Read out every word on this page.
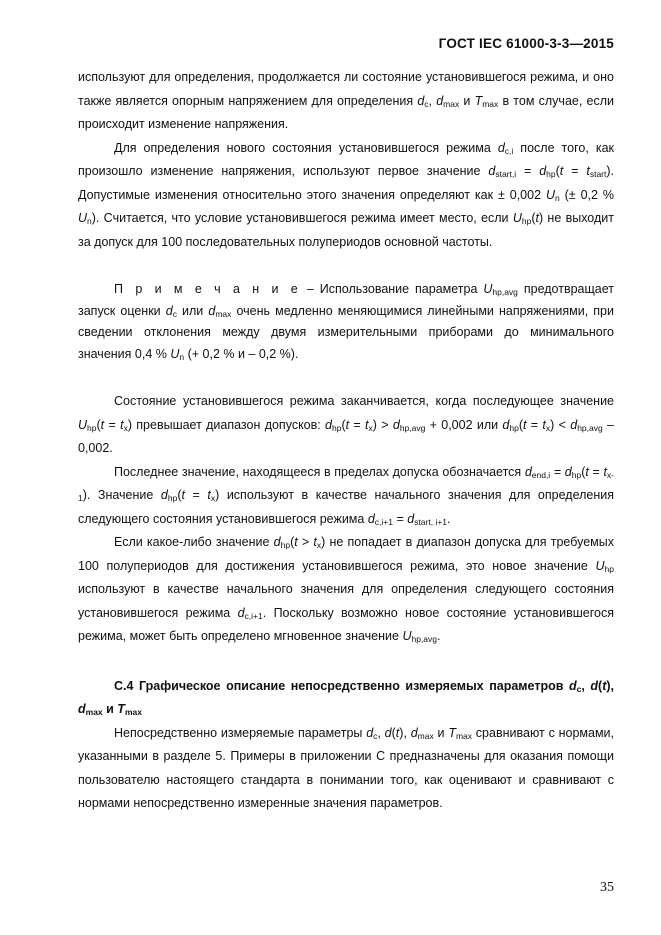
ГОСТ IEC 61000-3-3—2015

используют для определения, продолжается ли состояние установившегося режима, и оно также является опорным напряжением для определения $d_c$, $d_{max}$ и $T_{max}$ в том случае, если происходит изменение напряжения.

Для определения нового состояния установившегося режима $d_{c,i}$ после того, как произошло изменение напряжения, используют первое значение $d_{start,i} = d_{hp}(t = t_{start})$. Допустимые изменения относительно этого значения определяют как ± 0,002 $U_n$ (± 0,2 % $U_n$). Считается, что условие установившегося режима имеет место, если $U_{hp}(t)$ не выходит за допуск для 100 последовательных полупериодов основной частоты.

П р и м е ч а н и е – Использование параметра $U_{hp,avg}$ предотвращает запуск оценки $d_c$ или $d_{max}$ очень медленно меняющимися линейными напряжениями, при сведении отклонения между двумя измерительными приборами до минимального значения 0,4 % $U_n$ (+ 0,2 % и – 0,2 %).

Состояние установившегося режима заканчивается, когда последующее значение $U_{hp}(t = t_x)$ превышает диапазон допусков: $d_{hp}(t = t_x) > d_{hp,avg} + 0,002$ или $d_{hp}(t = t_x) < d_{hp,avg} - 0,002$.

Последнее значение, находящееся в пределах допуска обозначается $d_{end,i} = d_{hp}(t = t_{x-1})$. Значение $d_{hp}(t = t_x)$ используют в качестве начального значения для определения следующего состояния установившегося режима $d_{c,i+1} = d_{start, i+1}$.

Если какое-либо значение $d_{hp}(t > t_x)$ не попадает в диапазон допуска для требуемых 100 полупериодов для достижения установившегося режима, это новое значение $U_{hp}$ используют в качестве начального значения для определения следующего состояния установившегося режима $d_{c,i+1}$. Поскольку возможно новое состояние установившегося режима, может быть определено мгновенное значение $U_{hp,avg}$.

С.4 Графическое описание непосредственно измеряемых параметров $d_c$, d(t), $d_{max}$ и $T_{max}$

Непосредственно измеряемые параметры $d_c$, d(t), $d_{max}$ и $T_{max}$ сравнивают с нормами, указанными в разделе 5. Примеры в приложении С предназначены для оказания помощи пользователю настоящего стандарта в понимании того, как оценивают и сравнивают с нормами непосредственно измеренные значения параметров.

35
